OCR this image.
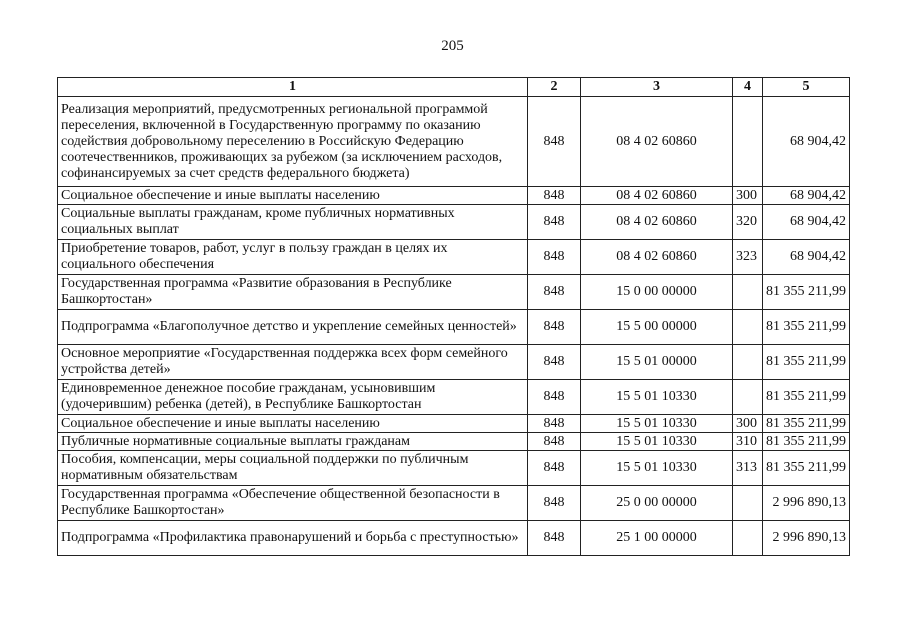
205
1	2	3	4	5
Реализация мероприятий, предусмотренных региональной программой переселения, включенной в Государственную программу по оказанию содействия добровольному переселению в Российскую Федерацию соотечественников, проживающих за рубежом (за исключением расходов, софинансируемых за счет средств федерального бюджета)	848	08 4 02 60860		68 904,42
Социальное обеспечение и иные выплаты населению	848	08 4 02 60860	300	68 904,42
Социальные выплаты гражданам, кроме публичных нормативных социальных выплат	848	08 4 02 60860	320	68 904,42
Приобретение товаров, работ, услуг в пользу граждан в целях их социального обеспечения	848	08 4 02 60860	323	68 904,42
Государственная программа «Развитие образования в Республике Башкортостан»	848	15 0 00 00000		81 355 211,99
Подпрограмма «Благополучное детство и укрепление семейных ценностей»	848	15 5 00 00000		81 355 211,99
Основное мероприятие «Государственная поддержка всех форм семейного устройства детей»	848	15 5 01 00000		81 355 211,99
Единовременное денежное пособие гражданам, усыновившим (удочерившим) ребенка (детей), в Республике Башкортостан	848	15 5 01 10330		81 355 211,99
Социальное обеспечение и иные выплаты населению	848	15 5 01 10330	300	81 355 211,99
Публичные нормативные социальные выплаты гражданам	848	15 5 01 10330	310	81 355 211,99
Пособия, компенсации, меры социальной поддержки по публичным нормативным обязательствам	848	15 5 01 10330	313	81 355 211,99
Государственная программа «Обеспечение общественной безопасности в Республике Башкортостан»	848	25 0 00 00000		2 996 890,13
Подпрограмма «Профилактика правонарушений и борьба с преступностью»	848	25 1 00 00000		2 996 890,13
